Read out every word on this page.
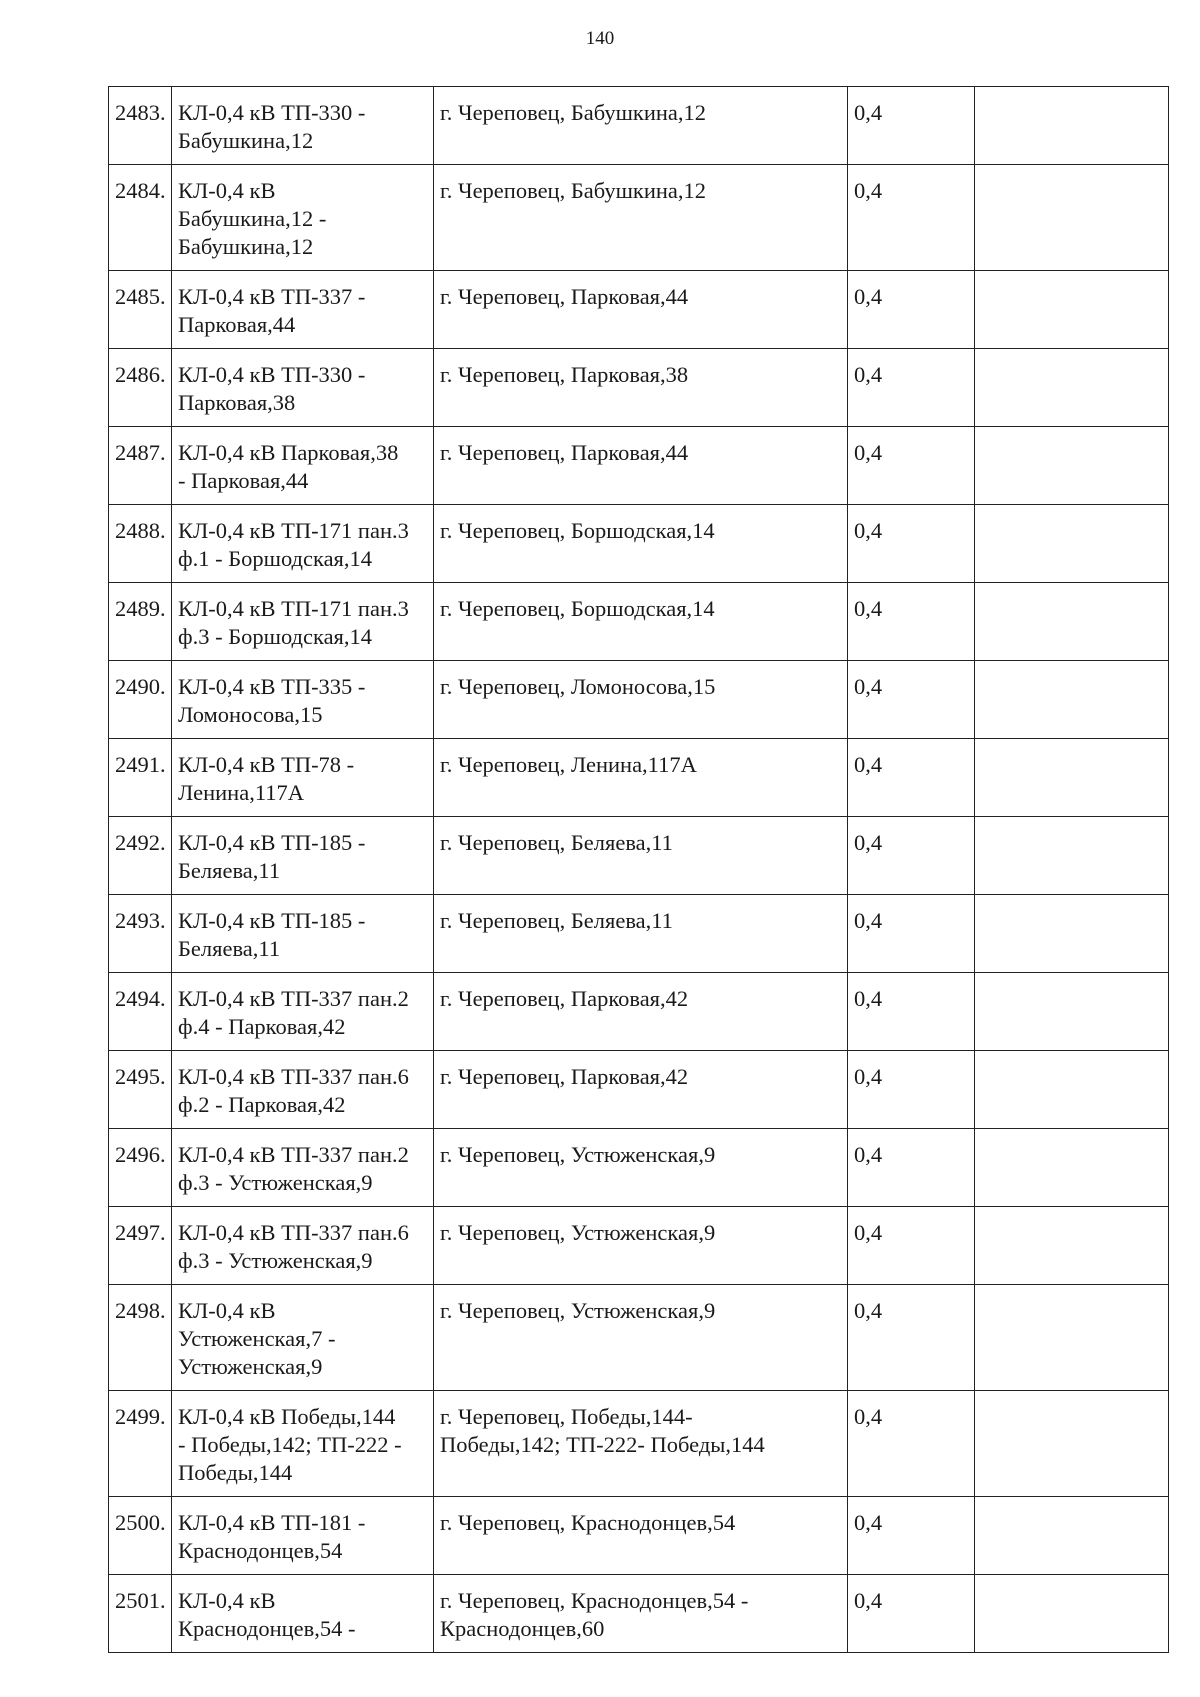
140
2483.	КЛ-0,4 кВ ТП-330 -
Бабушкина,12	г. Череповец, Бабушкина,12	0,4	
2484.	КЛ-0,4 кВ
Бабушкина,12 -
Бабушкина,12	г. Череповец, Бабушкина,12	0,4	
2485.	КЛ-0,4 кВ ТП-337 -
Парковая,44	г. Череповец, Парковая,44	0,4	
2486.	КЛ-0,4 кВ ТП-330 -
Парковая,38	г. Череповец, Парковая,38	0,4	
2487.	КЛ-0,4 кВ Парковая,38
- Парковая,44	г. Череповец, Парковая,44	0,4	
2488.	КЛ-0,4 кВ ТП-171 пан.3
ф.1 - Боршодская,14	г. Череповец, Боршодская,14	0,4	
2489.	КЛ-0,4 кВ ТП-171 пан.3
ф.3 - Боршодская,14	г. Череповец, Боршодская,14	0,4	
2490.	КЛ-0,4 кВ ТП-335 -
Ломоносова,15	г. Череповец, Ломоносова,15	0,4	
2491.	КЛ-0,4 кВ ТП-78 -
Ленина,117А	г. Череповец, Ленина,117А	0,4	
2492.	КЛ-0,4 кВ ТП-185 -
Беляева,11	г. Череповец, Беляева,11	0,4	
2493.	КЛ-0,4 кВ ТП-185 -
Беляева,11	г. Череповец, Беляева,11	0,4	
2494.	КЛ-0,4 кВ ТП-337 пан.2
ф.4 - Парковая,42	г. Череповец, Парковая,42	0,4	
2495.	КЛ-0,4 кВ ТП-337 пан.6
ф.2 - Парковая,42	г. Череповец, Парковая,42	0,4	
2496.	КЛ-0,4 кВ ТП-337 пан.2
ф.3 - Устюженская,9	г. Череповец, Устюженская,9	0,4	
2497.	КЛ-0,4 кВ ТП-337 пан.6
ф.3 - Устюженская,9	г. Череповец, Устюженская,9	0,4	
2498.	КЛ-0,4 кВ
Устюженская,7 -
Устюженская,9	г. Череповец, Устюженская,9	0,4	
2499.	КЛ-0,4 кВ Победы,144
- Победы,142; ТП-222 -
Победы,144	г. Череповец, Победы,144-
Победы,142; ТП-222- Победы,144	0,4	
2500.	КЛ-0,4 кВ ТП-181 -
Краснодонцев,54	г. Череповец, Краснодонцев,54	0,4	
2501.	КЛ-0,4 кВ
Краснодонцев,54 -	г. Череповец, Краснодонцев,54 -
Краснодонцев,60	0,4	
